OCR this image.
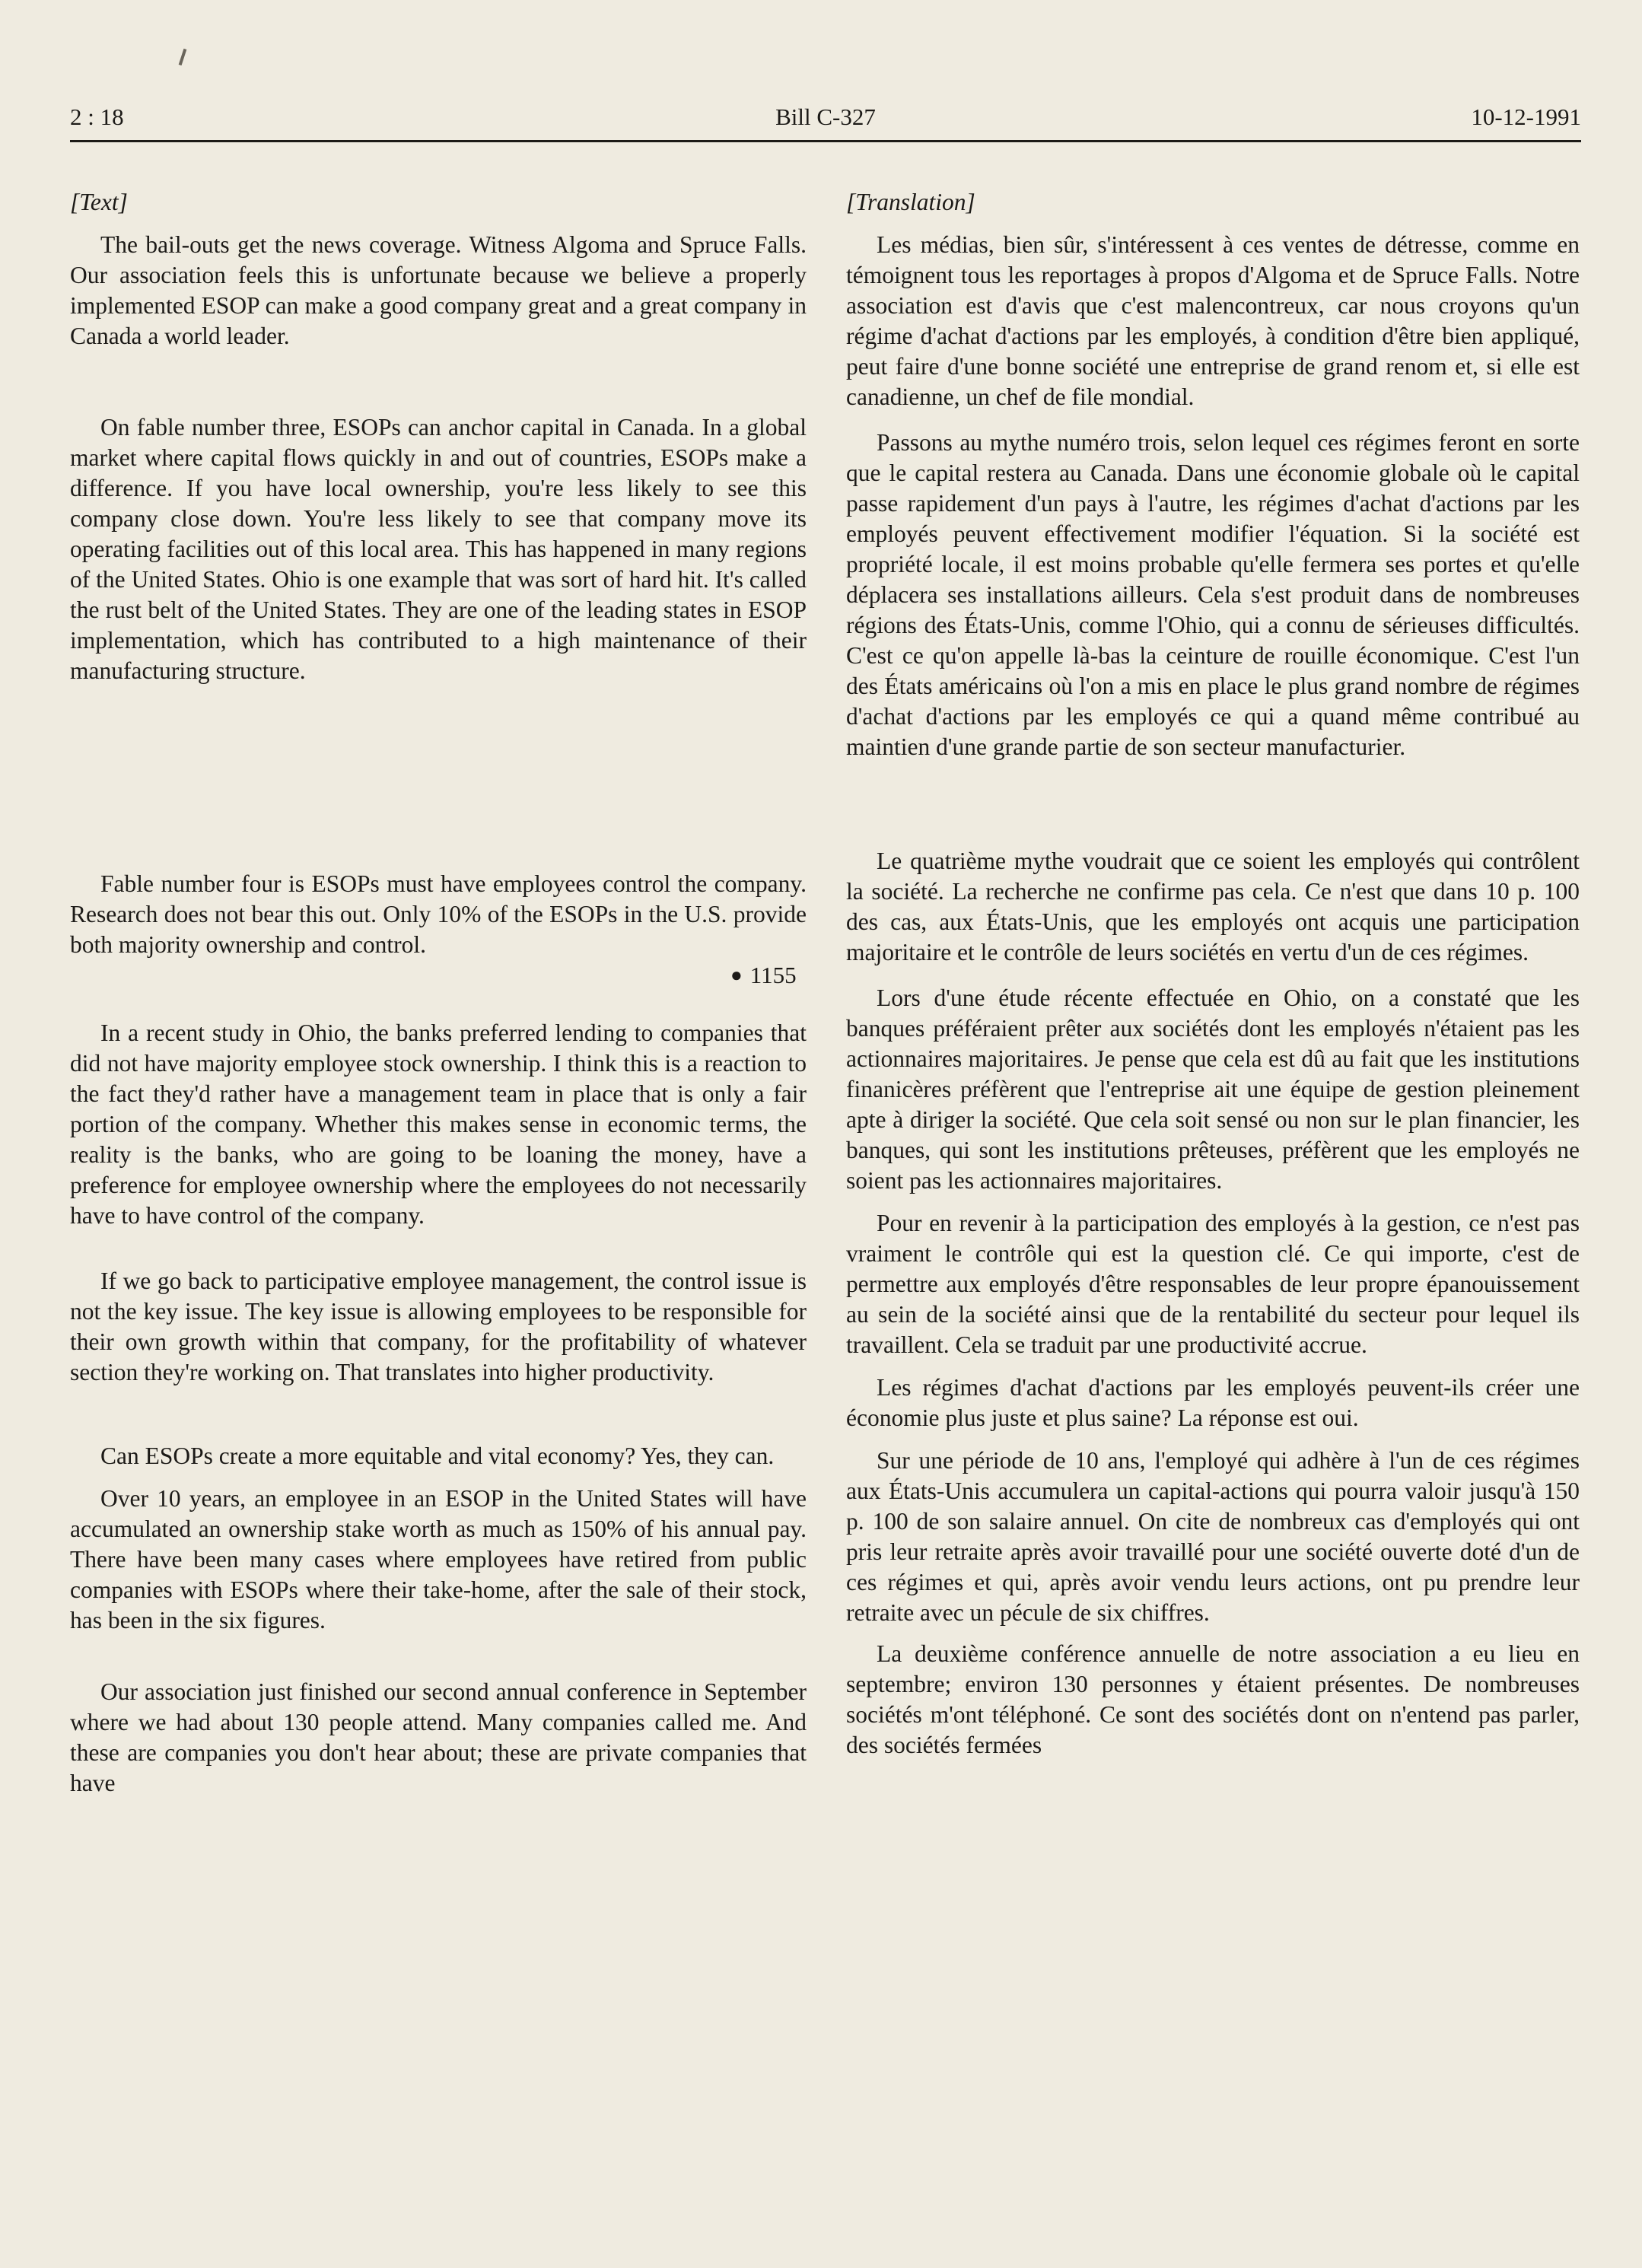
Bill C-327
2 : 18	10-12-1991
[Text]

The bail-outs get the news coverage. Witness Algoma and Spruce Falls. Our association feels this is unfortunate because we believe a properly implemented ESOP can make a good company great and a great company in Canada a world leader.

On fable number three, ESOPs can anchor capital in Canada. In a global market where capital flows quickly in and out of countries, ESOPs make a difference. If you have local ownership, you're less likely to see this company close down. You're less likely to see that company move its operating facilities out of this local area. This has happened in many regions of the United States. Ohio is one example that was sort of hard hit. It's called the rust belt of the United States. They are one of the leading states in ESOP implementation, which has contributed to a high maintenance of their manufacturing structure.

Fable number four is ESOPs must have employees control the company. Research does not bear this out. Only 10% of the ESOPs in the U.S. provide both majority ownership and control.

In a recent study in Ohio, the banks preferred lending to companies that did not have majority employee stock ownership. I think this is a reaction to the fact they'd rather have a management team in place that is only a fair portion of the company. Whether this makes sense in economic terms, the reality is the banks, who are going to be loaning the money, have a preference for employee ownership where the employees do not necessarily have to have control of the company.

If we go back to participative employee management, the control issue is not the key issue. The key issue is allowing employees to be responsible for their own growth within that company, for the profitability of whatever section they're working on. That translates into higher productivity.

Can ESOPs create a more equitable and vital economy? Yes, they can.

Over 10 years, an employee in an ESOP in the United States will have accumulated an ownership stake worth as much as 150% of his annual pay. There have been many cases where employees have retired from public companies with ESOPs where their take-home, after the sale of their stock, has been in the six figures.

Our association just finished our second annual conference in September where we had about 130 people attend. Many companies called me. And these are companies you don't hear about; these are private companies that have

● 1155
[Translation]

Les médias, bien sûr, s'intéressent à ces ventes de détresse, comme en témoignent tous les reportages à propos d'Algoma et de Spruce Falls. Notre association est d'avis que c'est malencontreux, car nous croyons qu'un régime d'achat d'actions par les employés, à condition d'être bien appliqué, peut faire d'une bonne société une entreprise de grand renom et, si elle est canadienne, un chef de file mondial.

Passons au mythe numéro trois, selon lequel ces régimes feront en sorte que le capital restera au Canada. Dans une économie globale où le capital passe rapidement d'un pays à l'autre, les régimes d'achat d'actions par les employés peuvent effectivement modifier l'équation. Si la société est propriété locale, il est moins probable qu'elle fermera ses portes et qu'elle déplacera ses installations ailleurs. Cela s'est produit dans de nombreuses régions des États-Unis, comme l'Ohio, qui a connu de sérieuses difficultés. C'est ce qu'on appelle là-bas la ceinture de rouille économique. C'est l'un des États américains où l'on a mis en place le plus grand nombre de régimes d'achat d'actions par les employés ce qui a quand même contribué au maintien d'une grande partie de son secteur manufacturier.

Le quatrième mythe voudrait que ce soient les employés qui contrôlent la société. La recherche ne confirme pas cela. Ce n'est que dans 10 p. 100 des cas, aux États-Unis, que les employés ont acquis une participation majoritaire et le contrôle de leurs sociétés en vertu d'un de ces régimes.

Lors d'une étude récente effectuée en Ohio, on a constaté que les banques préféraient prêter aux sociétés dont les employés n'étaient pas les actionnaires majoritaires. Je pense que cela est dû au fait que les institutions finanicères préfèrent que l'entreprise ait une équipe de gestion pleinement apte à diriger la société. Que cela soit sensé ou non sur le plan financier, les banques, qui sont les institutions prêteuses, préfèrent que les employés ne soient pas les actionnaires majoritaires.

Pour en revenir à la participation des employés à la gestion, ce n'est pas vraiment le contrôle qui est la question clé. Ce qui importe, c'est de permettre aux employés d'être responsables de leur propre épanouissement au sein de la société ainsi que de la rentabilité du secteur pour lequel ils travaillent. Cela se traduit par une productivité accrue.

Les régimes d'achat d'actions par les employés peuvent-ils créer une économie plus juste et plus saine? La réponse est oui.

Sur une période de 10 ans, l'employé qui adhère à l'un de ces régimes aux États-Unis accumulera un capital-actions qui pourra valoir jusqu'à 150 p. 100 de son salaire annuel. On cite de nombreux cas d'employés qui ont pris leur retraite après avoir travaillé pour une société ouverte doté d'un de ces régimes et qui, après avoir vendu leurs actions, ont pu prendre leur retraite avec un pécule de six chiffres.

La deuxième conférence annuelle de notre association a eu lieu en septembre; environ 130 personnes y étaient présentes. De nombreuses sociétés m'ont téléphoné. Ce sont des sociétés dont on n'entend pas parler, des sociétés fermées
